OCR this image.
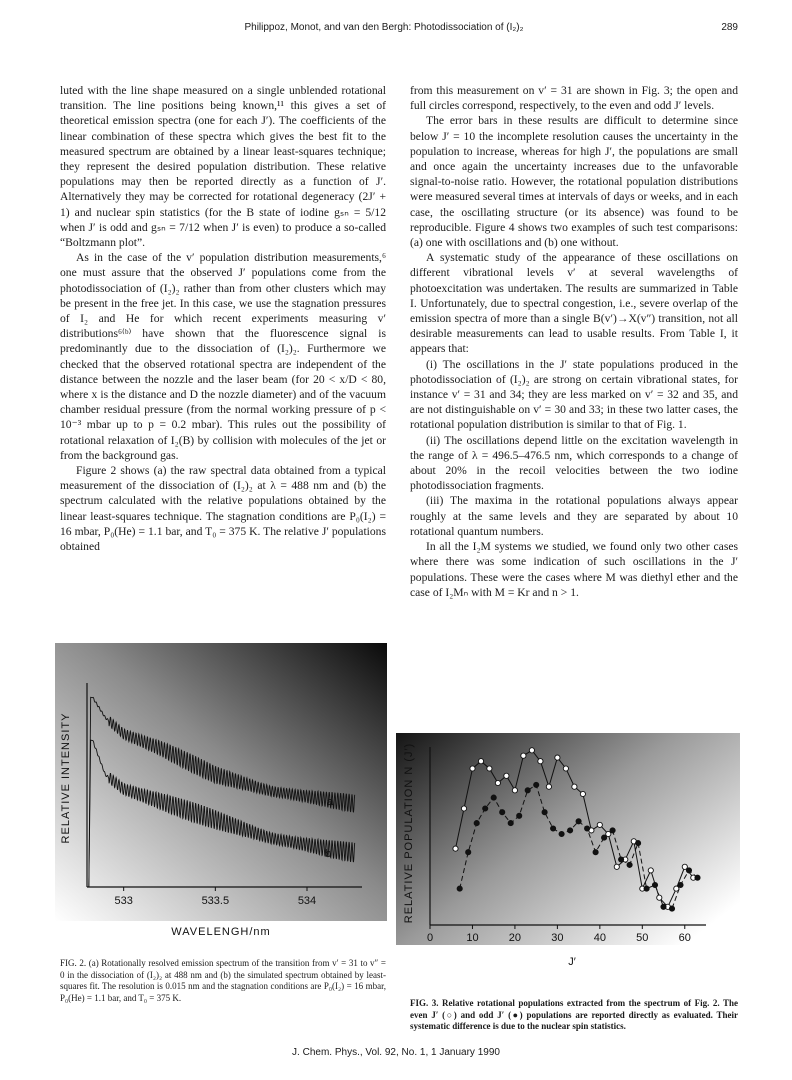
Philippoz, Monot, and van den Bergh: Photodissociation of (I₂)₂	289

luted with the line shape measured on a single unblended rotational transition. The line positions being known,¹¹ this gives a set of theoretical emission spectra (one for each J′). The coefficients of the linear combination of these spectra which gives the best fit to the measured spectrum are obtained by a linear least-squares technique; they represent the desired population distribution. These relative populations may then be reported directly as a function of J′. Alternatively they may be corrected for rotational degeneracy (2J′ + 1) and nuclear spin statistics (for the B state of iodine gₛₙ = 5/12 when J′ is odd and gₛₙ = 7/12 when J′ is even) to produce a so-called “Boltzmann plot”.

As in the case of the v′ population distribution measurements,⁶ one must assure that the observed J′ populations come from the photodissociation of (I₂)₂ rather than from other clusters which may be present in the free jet. In this case, we use the stagnation pressures of I₂ and He for which recent experiments measuring v′ distributions⁶⁽ᵇ⁾ have shown that the fluorescence signal is predominantly due to the dissociation of (I₂)₂. Furthermore we checked that the observed rotational spectra are independent of the distance between the nozzle and the laser beam (for 20 < x/D < 80, where x is the distance and D the nozzle diameter) and of the vacuum chamber residual pressure (from the normal working pressure of p < 10⁻³ mbar up to p = 0.2 mbar). This rules out the possibility of rotational relaxation of I₂(B) by collision with molecules of the jet or from the background gas.

Figure 2 shows (a) the raw spectral data obtained from a typical measurement of the dissociation of (I₂)₂ at λ = 488 nm and (b) the spectrum calculated with the relative populations obtained by the linear least-squares technique. The stagnation conditions are P₀(I₂) = 16 mbar, P₀(He) = 1.1 bar, and T₀ = 375 K. The relative J′ populations obtained

from this measurement on v′ = 31 are shown in Fig. 3; the open and full circles correspond, respectively, to the even and odd J′ levels.

The error bars in these results are difficult to determine since below J′ = 10 the incomplete resolution causes the uncertainty in the population to increase, whereas for high J′, the populations are small and once again the uncertainty increases due to the unfavorable signal-to-noise ratio. However, the rotational population distributions were measured several times at intervals of days or weeks, and in each case, the oscillating structure (or its absence) was found to be reproducible. Figure 4 shows two examples of such test comparisons: (a) one with oscillations and (b) one without.

A systematic study of the appearance of these oscillations on different vibrational levels v′ at several wavelengths of photoexcitation was undertaken. The results are summarized in Table I. Unfortunately, due to spectral congestion, i.e., severe overlap of the emission spectra of more than a single B(v′)→X(v″) transition, not all desirable measurements can lead to usable results. From Table I, it appears that:

(i) The oscillations in the J′ state populations produced in the photodissociation of (I₂)₂ are strong on certain vibrational states, for instance v′ = 31 and 34; they are less marked on v′ = 32 and 35, and are not distinguishable on v′ = 30 and 33; in these two latter cases, the rotational population distribution is similar to that of Fig. 1.

(ii) The oscillations depend little on the excitation wavelength in the range of λ = 496.5–476.5 nm, which corresponds to a change of about 20% in the recoil velocities between the two iodine photodissociation fragments.

(iii) The maxima in the rotational populations always appear roughly at the same levels and they are separated by about 10 rotational quantum numbers.

In all the I₂M systems we studied, we found only two other cases where there was some indication of such oscillations in the J′ populations. These were the cases where M was diethyl ether and the case of I₂Mₙ with M = Kr and n > 1.

533	533.5	534
a
b
RELATIVE INTENSITY
WAVELENGH/nm
FIG. 2. (a) Rotationally resolved emission spectrum of the transition from v′ = 31 to v″ = 0 in the dissociation of (I₂)₂ at 488 nm and (b) the simulated spectrum obtained by least-squares fit. The resolution is 0.015 nm and the stagnation conditions are P₀(I₂) = 16 mbar, P₀(He) = 1.1 bar, and T₀ = 375 K.
0	10	20	30	40	50	60
RELATIVE POPULATION N (J′)
J′
FIG. 3. Relative rotational populations extracted from the spectrum of Fig. 2. The even J′ (○) and odd J′ (●) populations are reported directly as evaluated. Their systematic difference is due to the nuclear spin statistics.
J. Chem. Phys., Vol. 92, No. 1, 1 January 1990
